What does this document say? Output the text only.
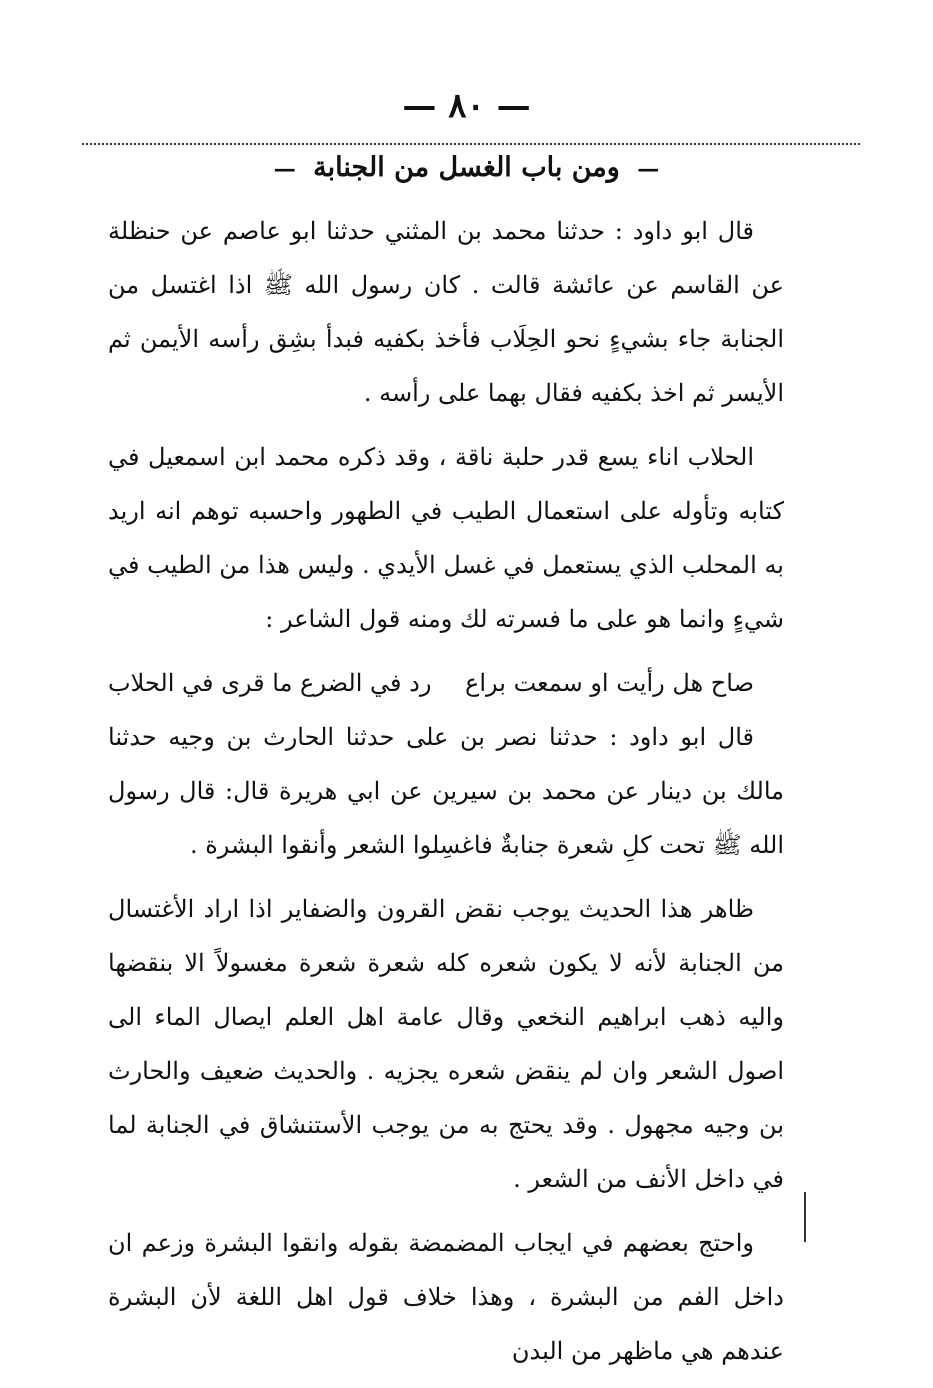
— ٨٠ —
— ومن باب الغسل من الجنابة —

قال ابو داود : حدثنا محمد بن المثني حدثنا ابو عاصم عن حنظلة عن القاسم عن عائشة قالت . كان رسول الله ﷺ اذا اغتسل من الجنابة جاء بشيءٍ نحو الحِلَاب فأخذ بكفيه فبدأ بشِق رأسه الأيمن ثم الأيسر ثم اخذ بكفيه فقال بهما على رأسه .

الحلاب اناء يسع قدر حلبة ناقة ، وقد ذكره محمد ابن اسمعيل في كتابه وتأوله على استعمال الطيب في الطهور واحسبه توهم انه اريد به المحلب الذي يستعمل في غسل الأيدي . وليس هذا من الطيب في شيءٍ وانما هو على ما فسرته لك ومنه قول الشاعر :

صاح هل رأيت او سمعت براع
رد في الضرع ما قرى في الحلاب

قال ابو داود : حدثنا نصر بن على حدثنا الحارث بن وجيه حدثنا مالك بن دينار عن محمد بن سيرين عن ابي هريرة قال: قال رسول الله ﷺ تحت كلِ شعرة جنابةٌ فاغسِلوا الشعر وأنقوا البشرة .

ظاهر هذا الحديث يوجب نقض القرون والضفاير اذا اراد الأغتسال من الجنابة لأنه لا يكون شعره كله شعرة شعرة مغسولاً الا بنقضها واليه ذهب ابراهيم النخعي وقال عامة اهل العلم ايصال الماء الى اصول الشعر وان لم ينقض شعره يجزيه . والحديث ضعيف والحارث بن وجيه مجهول . وقد يحتج به من يوجب الأستنشاق في الجنابة لما في داخل الأنف من الشعر .

واحتج بعضهم في ايجاب المضمضة بقوله وانقوا البشرة وزعم ان داخل الفم من البشرة ، وهذا خلاف قول اهل اللغة لأن البشرة عندهم هي ماظهر من البدن
